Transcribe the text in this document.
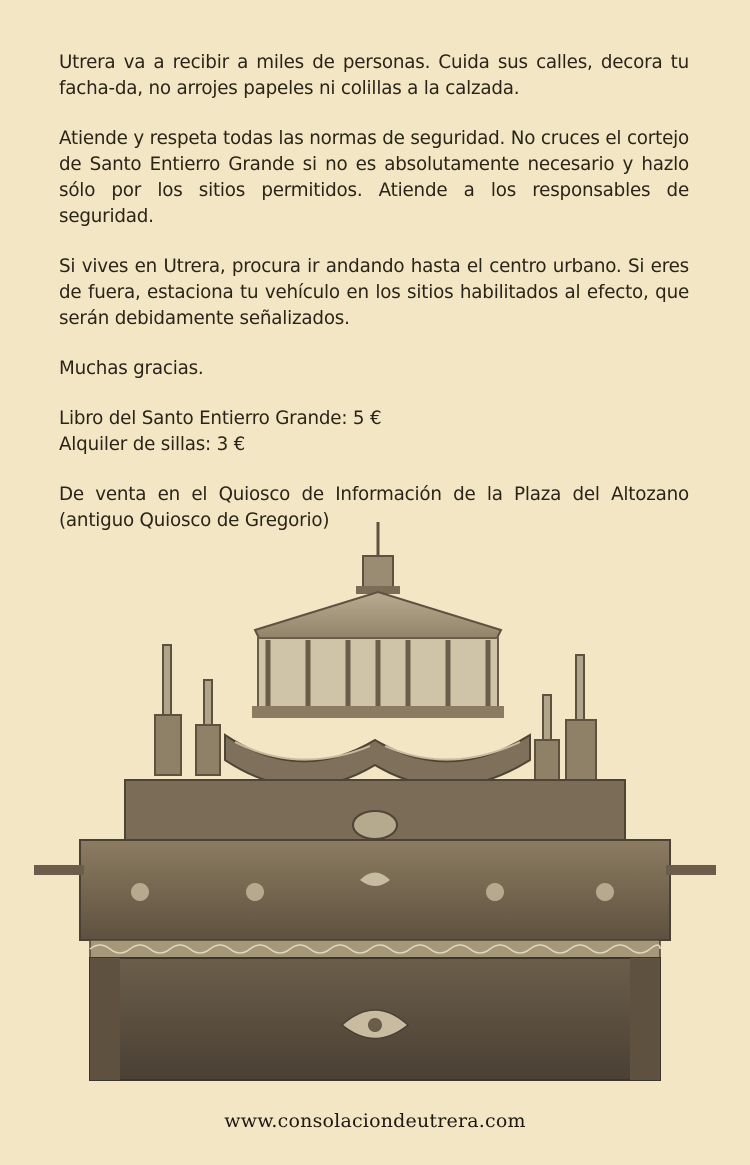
Utrera va a recibir a miles de personas. Cuida sus calles, decora tu facha-da, no arrojes papeles ni colillas a la calzada.

Atiende y respeta todas las normas de seguridad. No cruces el cortejo de Santo Entierro Grande si no es absolutamente necesario y hazlo sólo por los sitios permitidos. Atiende a los responsables de seguridad.

Si vives en Utrera, procura ir andando hasta el centro urbano. Si eres de fuera, estaciona tu vehículo en los sitios habilitados al efecto, que serán debidamente señalizados.

Muchas gracias.

Libro del Santo Entierro Grande: 5 €

Alquiler de sillas: 3 €

De venta en el Quiosco de Información de la Plaza del Altozano (antiguo Quiosco de Gregorio)

www.consolaciondeutrera.com
